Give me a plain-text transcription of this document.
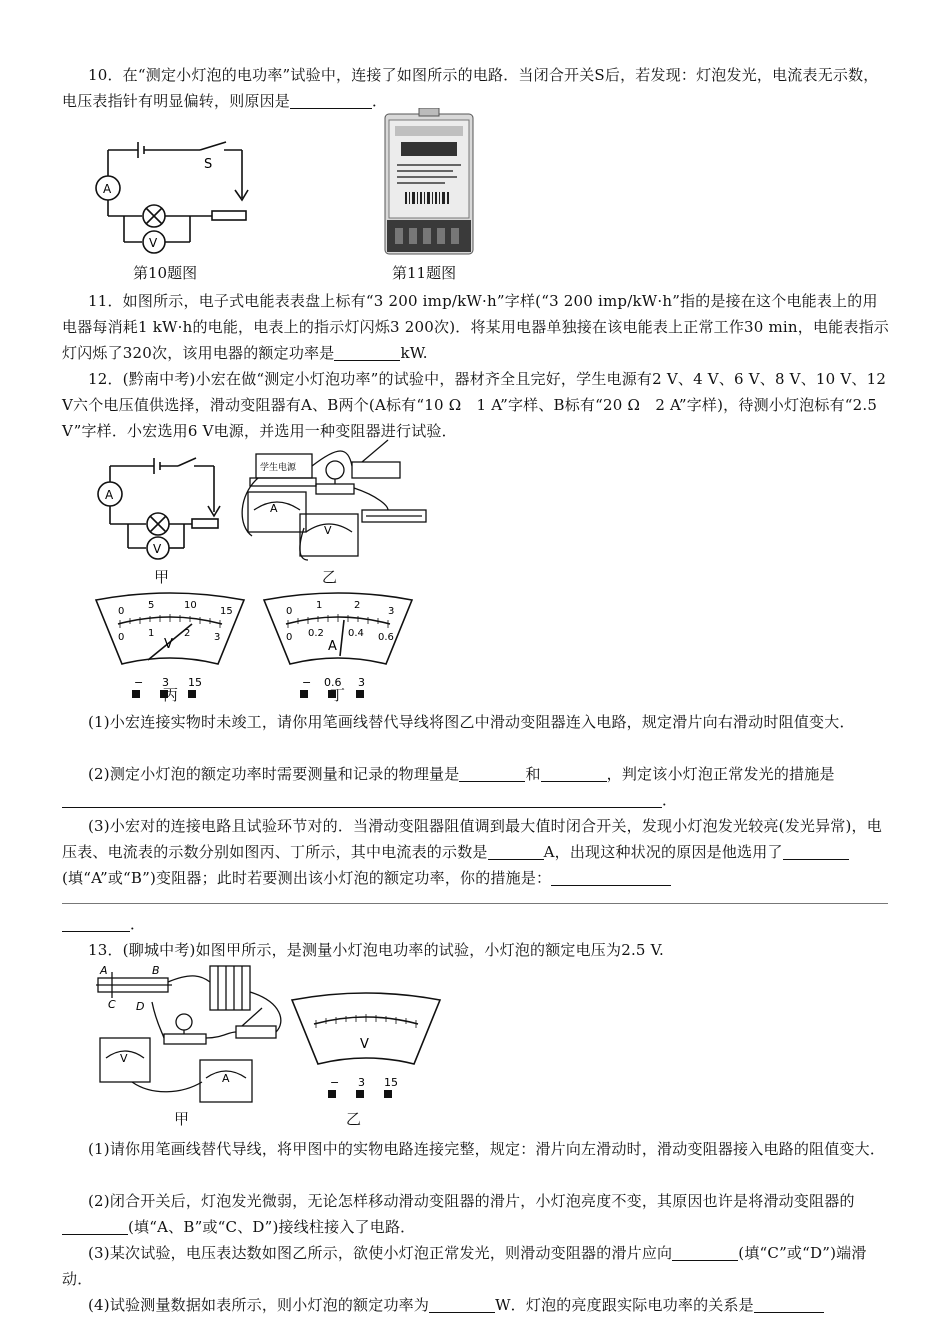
10．在“测定小灯泡的电功率”试验中，连接了如图所示的电路．当闭合开关S后，若发现：灯泡发光，电流表无示数，电压表指针有明显偏转，则原因是	．
A
V
S
第10题图	第11题图
11．如图所示，电子式电能表表盘上标有“3 200 imp/kW·h”字样(“3 200 imp/kW·h”指的是接在这个电能表上的用电器每消耗1 kW·h的电能，电表上的指示灯闪烁3 200次)．将某用电器单独接在该电能表上正常工作30 min，电能表指示灯闪烁了320次，该用电器的额定功率是	kW.
12．(黔南中考)小宏在做“测定小灯泡功率”的试验中，器材齐全且完好，学生电源有2 V、4 V、6 V、8 V、10 V、12 V六个电压值供选择，滑动变阻器有A、B两个(A标有“10 Ω　1 A”字样、B标有“20 Ω　2 A”字样)，待测小灯泡标有“2.5 V”字样．小宏选用6 V电源，并选用一种变阻器进行试验．
A
V
甲
学生电源
A
V
乙
0
5	10
15
0 1	2 3
V
− 3 15
丙
0
1	2
3
0 0.2 0.4 0.6
A
− 0.6 3
丁
(1)小宏连接实物时未竣工，请你用笔画线替代导线将图乙中滑动变阻器连入电路，规定滑片向右滑动时阻值变大．
(2)测定小灯泡的额定功率时需要测量和记录的物理量是	和	，判定该小灯泡正常发光的措施是．
(3)小宏对的连接电路且试验环节对的．当滑动变阻器阻值调到最大值时闭合开关，发现小灯泡发光较亮(发光异常)，电压表、电流表的示数分别如图丙、丁所示，其中电流表的示数是	A，出现这种状况的原因是他选用了(填“A”或“B”)变阻器；此时若要测出该小灯泡的额定功率，你的措施是：
．
13．(聊城中考)如图甲所示，是测量小灯泡电功率的试验，小灯泡的额定电压为2.5 V.
A	B
C D
V
A
甲
V
− 3 15
乙
(1)请你用笔画线替代导线，将甲图中的实物电路连接完整，规定：滑片向左滑动时，滑动变阻器接入电路的阻值变大．
(2)闭合开关后，灯泡发光微弱，无论怎样移动滑动变阻器的滑片，小灯泡亮度不变，其原因也许是将滑动变阻器的(填“A、B”或“C、D”)接线柱接入了电路．
(3)某次试验，电压表达数如图乙所示，欲使小灯泡正常发光，则滑动变阻器的滑片应向	(填“C”或“D”)端滑动．
(4)试验测量数据如表所示，则小灯泡的额定功率为	W．灯泡的亮度跟实际电功率的关系是
